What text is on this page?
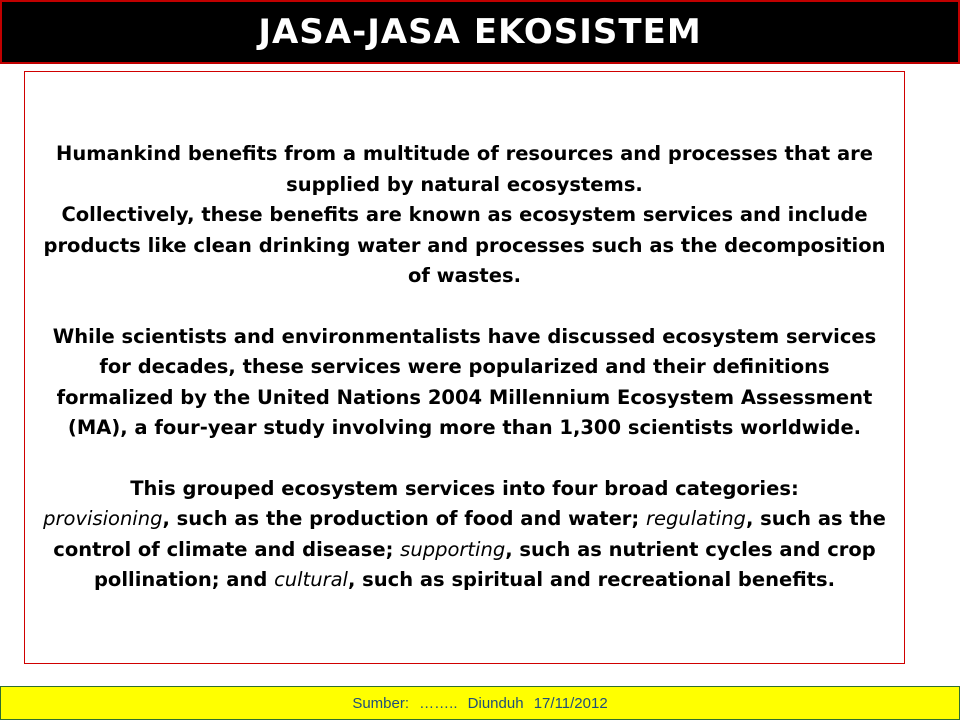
JASA-JASA EKOSISTEM

Humankind benefits from a multitude of resources and processes that are supplied by natural ecosystems.
Collectively, these benefits are known as ecosystem services and include products like clean drinking water and processes such as the decomposition of wastes.

While scientists and environmentalists have discussed ecosystem services for decades, these services were popularized and their definitions formalized by the United Nations 2004 Millennium Ecosystem Assessment (MA), a four-year study involving more than 1,300 scientists worldwide.

This grouped ecosystem services into four broad categories:
provisioning, such as the production of food and water; regulating, such as the control of climate and disease; supporting, such as nutrient cycles and crop pollination; and cultural, such as spiritual and recreational benefits.

Sumber: …….. Diunduh 17/11/2012
